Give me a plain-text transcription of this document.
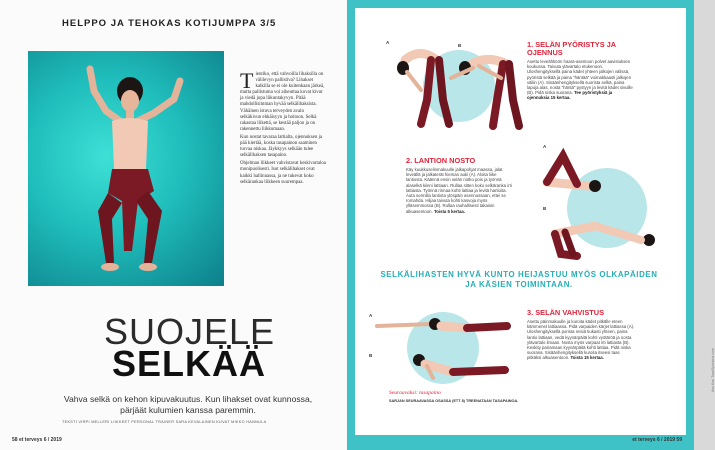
HELPPO JA TEHOKAS KOTIJUMPPA 3/5

Tientiko, että vahvoilla lihaksilla on välilevyn pallistiva? Lihakset kalkilla se ei ole kuitenkaan järkeä, mutta pallistuma voi aiheuttaa kovat kivut ja viedä jopa liikuntakyvyn. Pitää mahdollisimman hyvää selkälihaksista. Vähäinen istuva terveyden avain selkäkivun ehkäisyyn ja hoitoon. Selkä rakastaa liikettä, se kestää paljon ja on rakennettu liikkumaan.

Kun nostat tavaraa lattialta, ojennuksen ja pää kiertää, koska tasapainon saaminen turvaa niskaa. Jäykkyys selkään tulee selkälihaksen tasapaino.

Ohjelman liikkeet vahvistavat keskivartaloa monipuolisesti. Isot selkälihakset ovat kaikki hallinnassa, ja ne tukevat koko selkärankaa liikkeen suurempaa.

SUOJELE
SELKÄÄ
Vahva selkä on kehon kipuvakuutus. Kun lihakset ovat kunnossa, pärjäät kulumien kanssa paremmin.
TEKSTI VIRPI MELLERI LIIKKEET PERSONAL TRAINER SARA KEVALAINEN KUVAT MIKKO HANNULA
58 et terveys 6 / 2019
A
B
A
B
A
B	Asu Kari Traa/Sportoria.com
et terveys 6 / 2019 59
1. SELÄN PYÖRISTYS JA OJENNUS
Asettu leveähköön haara-asentoon polvet aavistuksen koukussa. Taivuta ylävartalo etukenoon. Uloshengityksellä paina kädet yhteen jalkojen välissä, pyöristä selkää ja paina "häntää" voimakkaasti jalkojen väliin (A). Sisäänhengityksellä suorista selkä, paina lapoja alas, nosta "häntä" pystyyn ja levitä kädet sivuille (B). Pidä niska suorana. Tee pyöristyksiä ja ojennuksia 15 kertaa.
2. LANTION NOSTO
Käy kuukkuselinmakuulle jalkapohjat maassa, jalat leveällä ja jalkaterät hieman auki (A). Aloita liike lantiosta. Käännä ensin selän notko pois ja työnnä alaselkä kiinni lattiaan. Rullaa sitten koko selkäranka irti lattiasta. Työnnä rinnaa kohti lattiaa ja levitä hartioita. Auta sormilla lantiota ylöspäin asennossaan, ettei se romahda. Hiljaa taivuta kohti kasvoja myös ylläsemmossa (B). Rullaa rauhallisesti takaisin alkuasentoon. Toista 5 kertaa.
SELKÄLIHASTEN HYVÄ KUNTO HEIJASTUU MYÖS OLKAPÄIDEN JA KÄSIEN TOIMINTAAN.
3. SELÄN VAHVISTUS
Asettu päinmakuulle ja kuroita kädet pitkälle eteen kämmenet lattiaassa. Pidä varpaiden kärjet lattiassa (A). Uloshengityksellä porista reisiä tiukasti yhteen, paina lantio lattiaan, vedä kyynärpäitä kohti vyötäröä ja nosta ylävartalo ilmaan. Nosta myös varpaat irti lattiasta (B). Keskity pariamaan kyynärpäitä kohti lattiaa. Pidä niska suorana. Sisäänhengityksellä kuroita itseesi taas pitkäksi alkuasentoon. Toista 15 kertaa.
Seuraavaksi: tasapaino
SARJAN SEURAAVASSA OSASSA (ETT 8) TREENATAAN TASAPAINOA.
